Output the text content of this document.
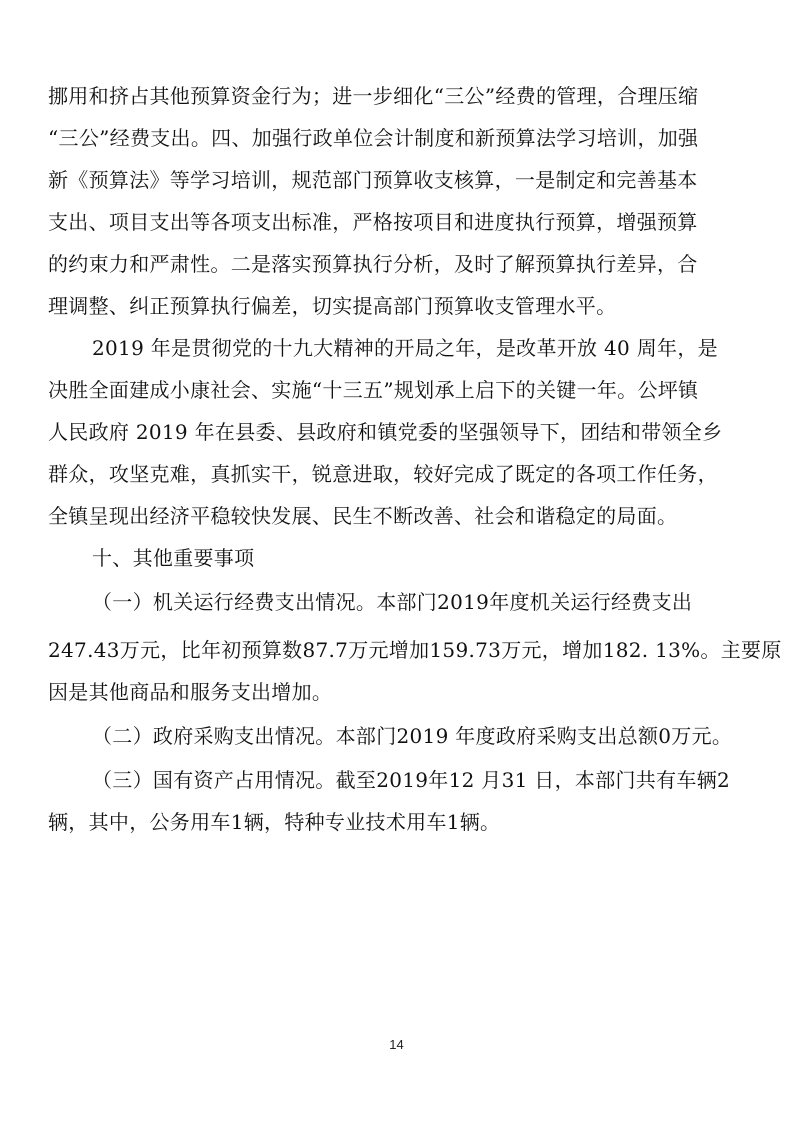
挪用和挤占其他预算资金行为；进一步细化“三公”经费的管理，合理压缩
“三公”经费支出。四、加强行政单位会计制度和新预算法学习培训，加强
新《预算法》等学习培训，规范部门预算收支核算，一是制定和完善基本
支出、项目支出等各项支出标准，严格按项目和进度执行预算，增强预算
的约束力和严肃性。二是落实预算执行分析，及时了解预算执行差异，合
理调整、纠正预算执行偏差，切实提高部门预算收支管理水平。
2019 年是贯彻党的十九大精神的开局之年，是改革开放 40 周年，是
决胜全面建成小康社会、实施“十三五”规划承上启下的关键一年。公坪镇
人民政府 2019 年在县委、县政府和镇党委的坚强领导下，团结和带领全乡
群众，攻坚克难，真抓实干，锐意进取，较好完成了既定的各项工作任务，
全镇呈现出经济平稳较快发展、民生不断改善、社会和谐稳定的局面。
十、其他重要事项
（一）机关运行经费支出情况。本部门2019年度机关运行经费支出
247.43万元，比年初预算数87.7万元增加159.73万元，增加182. 13%。主要原
因是其他商品和服务支出增加。
（二）政府采购支出情况。本部门2019 年度政府采购支出总额0万元。
（三）国有资产占用情况。截至2019年12 月31 日，本部门共有车辆2
辆，其中，公务用车1辆，特种专业技术用车1辆。
14
